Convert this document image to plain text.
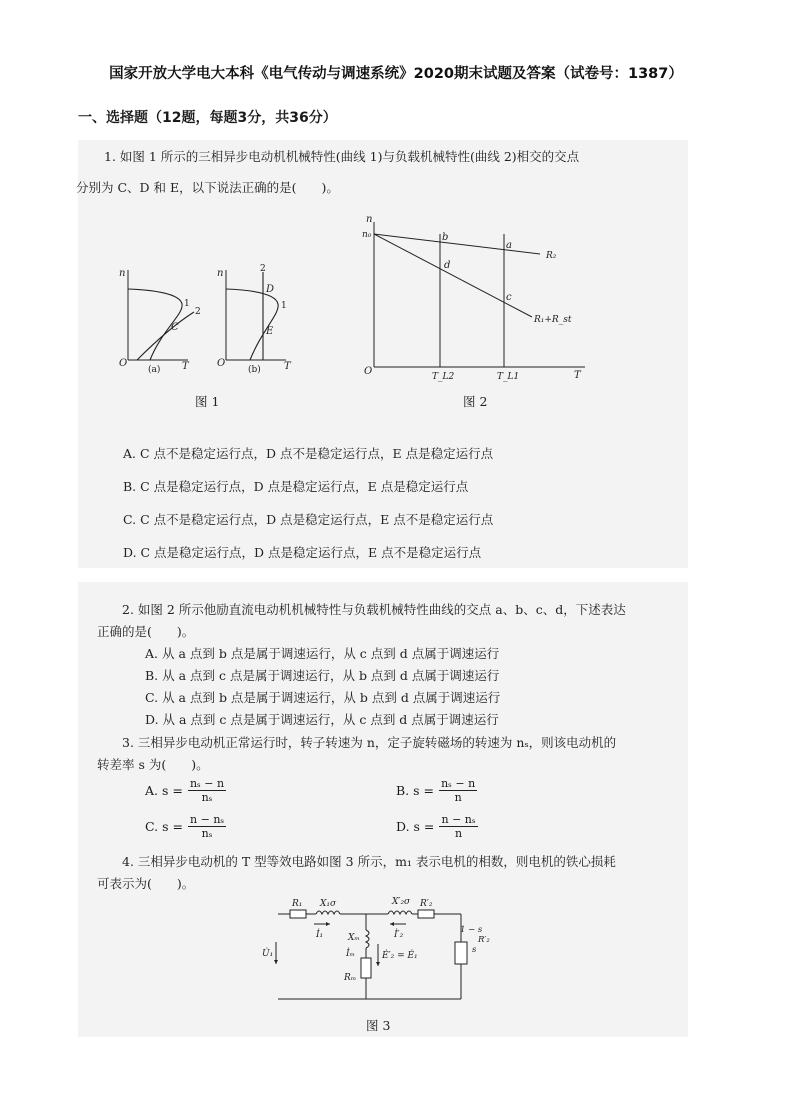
国家开放大学电大本科《电气传动与调速系统》2020期末试题及答案（试卷号：1387）
一、选择题（12题，每题3分，共36分）
1. 如图 1 所示的三相异步电动机机械特性(曲线 1)与负载机械特性(曲线 2)相交的交点
分别为 C、D 和 E，以下说法正确的是(　　)。
n
O	T
1
2
C
(a)
n
O	T
2
1
D
E
(b)
图 1
n
n₀
O	T
b
a
d
c
R₂
R₁+R_st
T_L2	T_L1
图 2
A. C 点不是稳定运行点，D 点不是稳定运行点，E 点是稳定运行点
B. C 点是稳定运行点，D 点是稳定运行点，E 点是稳定运行点
C. C 点不是稳定运行点，D 点是稳定运行点，E 点不是稳定运行点
D. C 点是稳定运行点，D 点是稳定运行点，E 点不是稳定运行点
2. 如图 2 所示他励直流电动机机械特性与负载机械特性曲线的交点 a、b、c、d，下述表达
正确的是(　　)。
A. 从 a 点到 b 点是属于调速运行，从 c 点到 d 点属于调速运行
B. 从 a 点到 c 点是属于调速运行，从 b 点到 d 点属于调速运行
C. 从 a 点到 b 点是属于调速运行，从 b 点到 d 点属于调速运行
D. 从 a 点到 c 点是属于调速运行，从 c 点到 d 点属于调速运行
3. 三相异步电动机正常运行时，转子转速为 n，定子旋转磁场的转速为 nₛ，则该电动机的
转差率 s 为(　　)。
A. $s = \frac{\text{nₛ − n}}{\text{nₛ}}$	B. $s = \frac{\text{nₛ − n}}{n}$
C. $s = \frac{\text{n − nₛ}}{\text{nₛ}}$	D. $s = \frac{\text{n − nₛ}}{n}$
4. 三相异步电动机的 T 型等效电路如图 3 所示，m₁ 表示电机的相数，则电机的铁心损耗
可表示为(　　)。
R₁ X₁σ	X′₂σ R′₂
İ₁	İ′₂
Xₘ
İₘ
Rₘ
Ė′₂ = Ė₁
U̇₁
1 − s
R′₂
s
图 3
